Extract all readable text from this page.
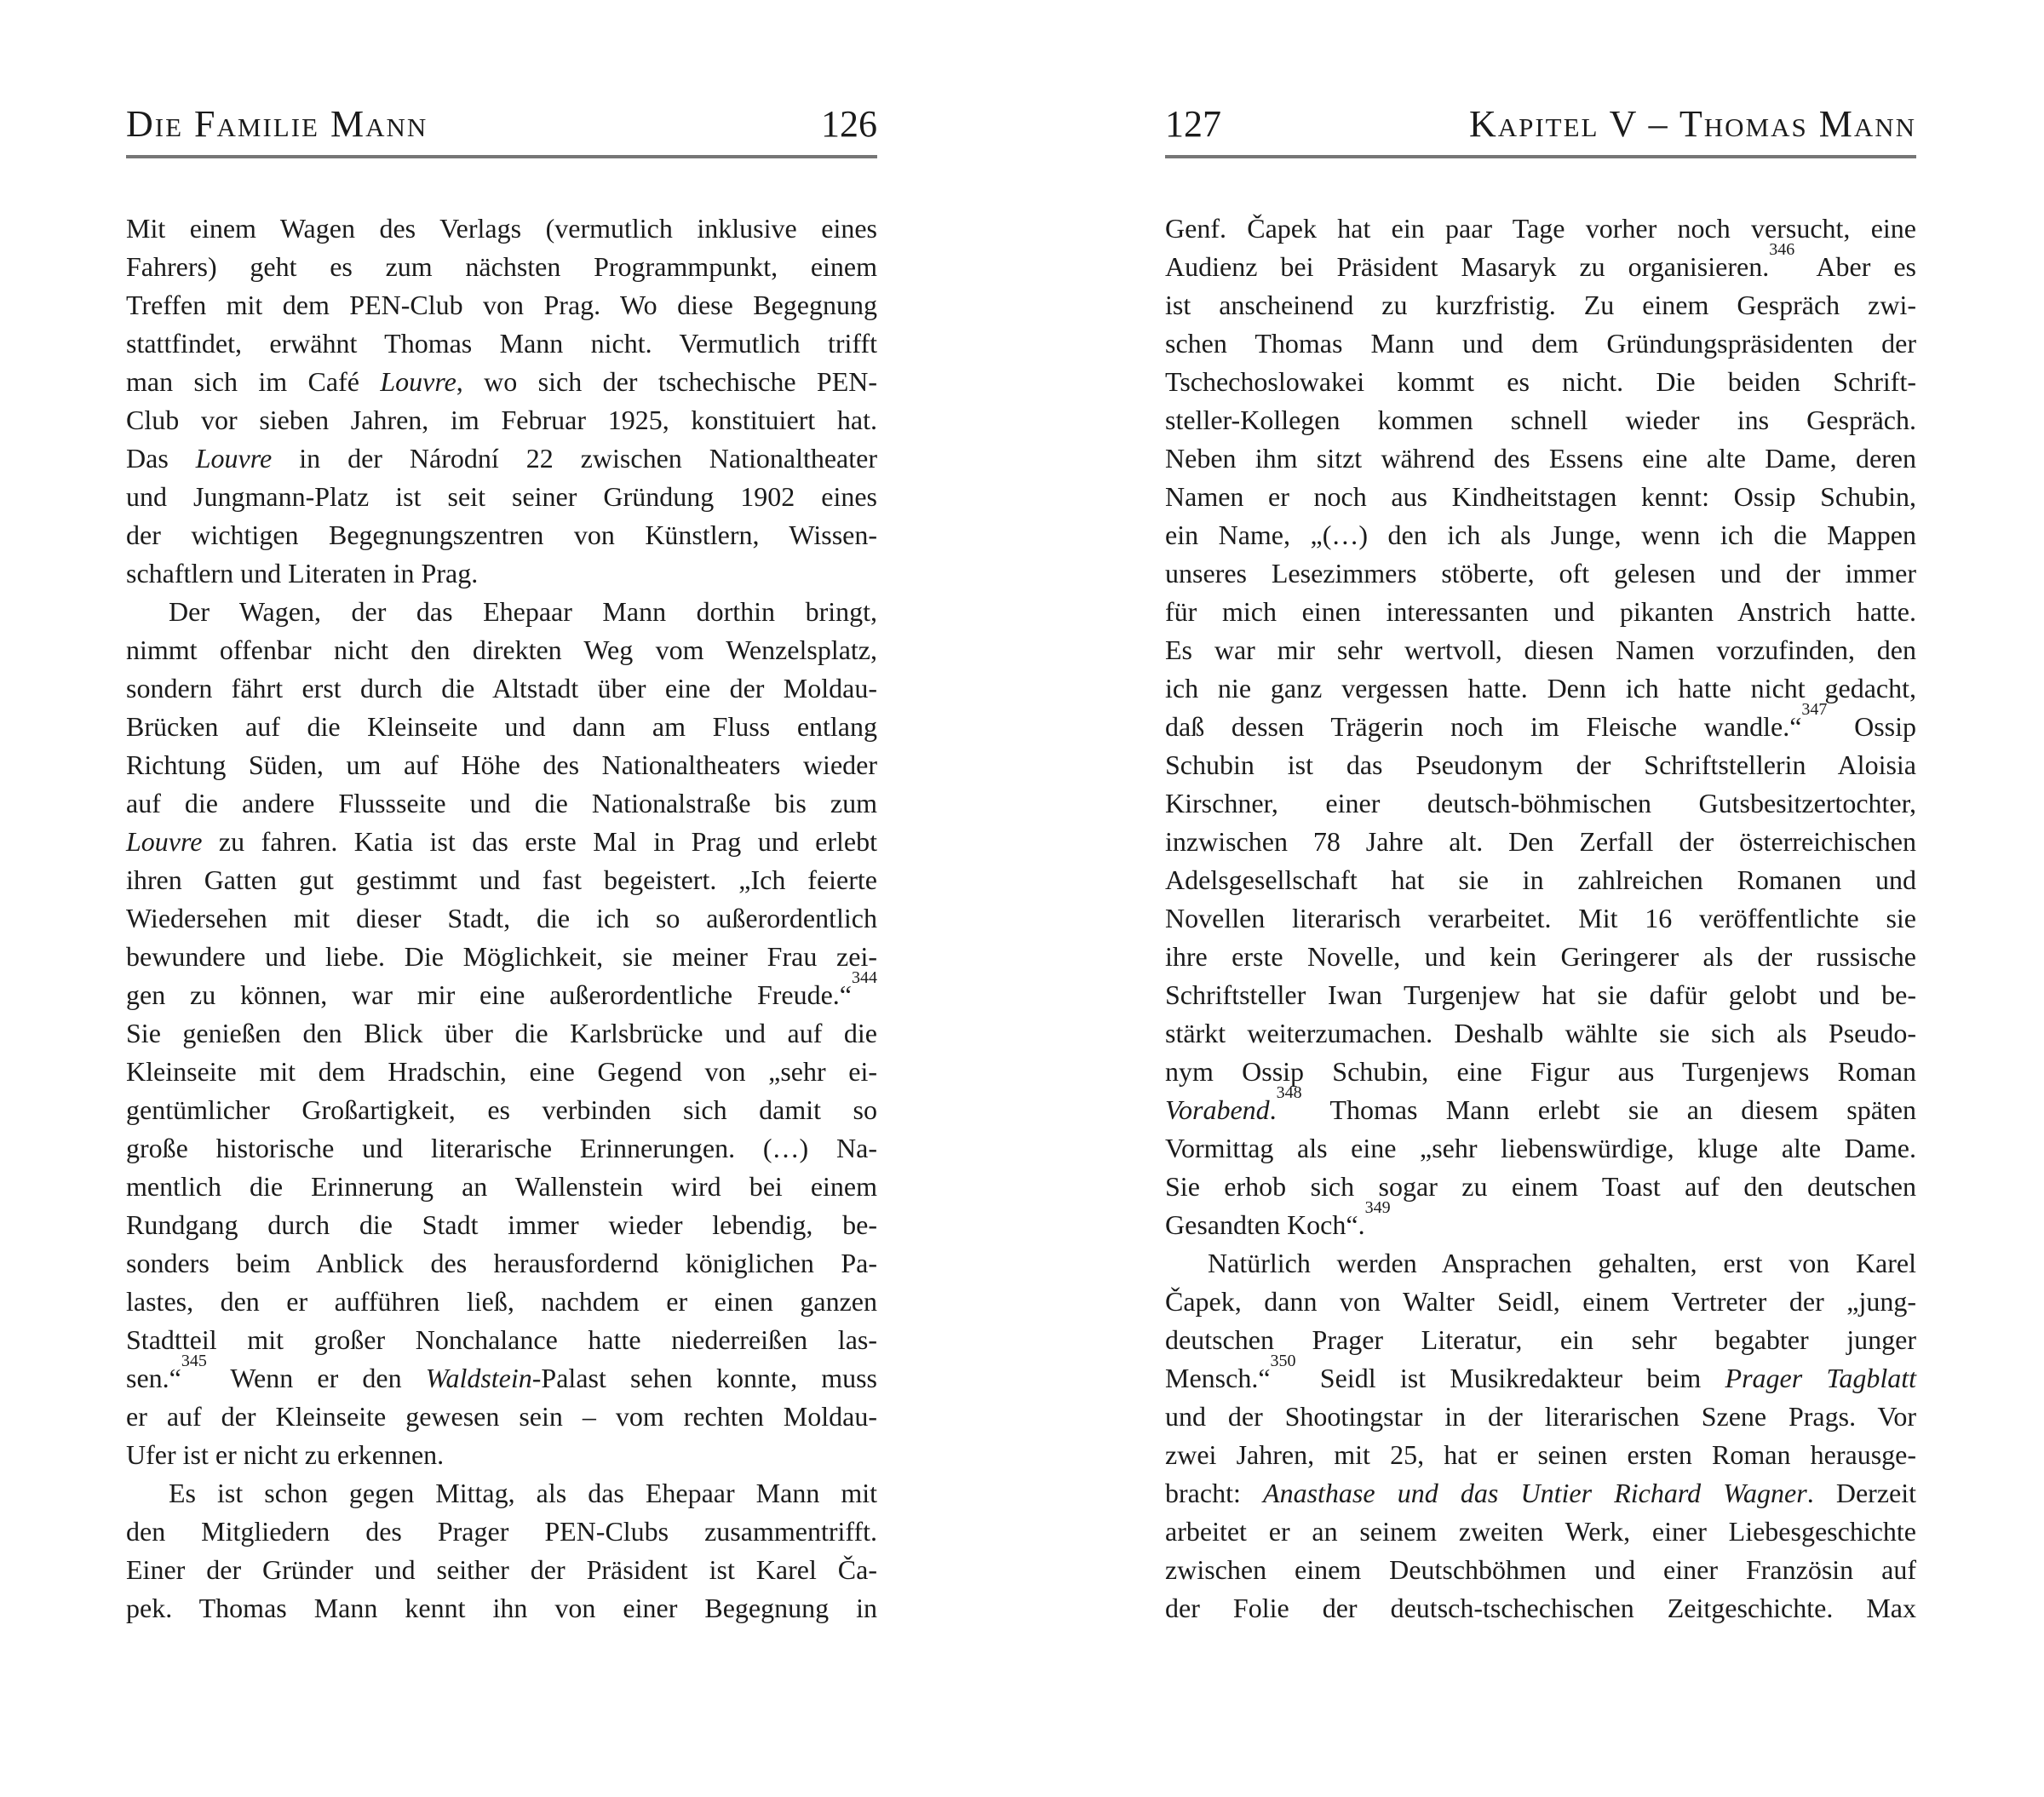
Die Familie Mann	126
Mit einem Wagen des Verlags (vermutlich inklusive eines
Fahrers) geht es zum nächsten Programmpunkt, einem
Treffen mit dem PEN-Club von Prag. Wo diese Begegnung
stattfindet, erwähnt Thomas Mann nicht. Vermutlich trifft
man sich im Café Louvre, wo sich der tschechische PEN-
Club vor sieben Jahren, im Februar 1925, konstituiert hat.
Das Louvre in der Národní 22 zwischen Nationaltheater
und Jungmann-Platz ist seit seiner Gründung 1902 eines
der wichtigen Begegnungszentren von Künstlern, Wissen-
schaftlern und Literaten in Prag.
Der Wagen, der das Ehepaar Mann dorthin bringt,
nimmt offenbar nicht den direkten Weg vom Wenzelsplatz,
sondern fährt erst durch die Altstadt über eine der Moldau-
Brücken auf die Kleinseite und dann am Fluss entlang
Richtung Süden, um auf Höhe des Nationaltheaters wieder
auf die andere Flussseite und die Nationalstraße bis zum
Louvre zu fahren. Katia ist das erste Mal in Prag und erlebt
ihren Gatten gut gestimmt und fast begeistert. „Ich feierte
Wiedersehen mit dieser Stadt, die ich so außerordentlich
bewundere und liebe. Die Möglichkeit, sie meiner Frau zei-
gen zu können, war mir eine außerordentliche Freude.“$^{344}$
Sie genießen den Blick über die Karlsbrücke und auf die
Kleinseite mit dem Hradschin, eine Gegend von „sehr ei-
gentümlicher Großartigkeit, es verbinden sich damit so
große historische und literarische Erinnerungen. (…) Na-
mentlich die Erinnerung an Wallenstein wird bei einem
Rundgang durch die Stadt immer wieder lebendig, be-
sonders beim Anblick des herausfordernd königlichen Pa-
lastes, den er aufführen ließ, nachdem er einen ganzen
Stadtteil mit großer Nonchalance hatte niederreißen las-
sen.“$^{345}$ Wenn er den Waldstein-Palast sehen konnte, muss
er auf der Kleinseite gewesen sein – vom rechten Moldau-
Ufer ist er nicht zu erkennen.
Es ist schon gegen Mittag, als das Ehepaar Mann mit
den Mitgliedern des Prager PEN-Clubs zusammentrifft.
Einer der Gründer und seither der Präsident ist Karel Ča-
pek. Thomas Mann kennt ihn von einer Begegnung in
127	Kapitel V – Thomas Mann
Genf. Čapek hat ein paar Tage vorher noch versucht, eine
Audienz bei Präsident Masaryk zu organisieren.$^{346}$ Aber es
ist anscheinend zu kurzfristig. Zu einem Gespräch zwi-
schen Thomas Mann und dem Gründungspräsidenten der
Tschechoslowakei kommt es nicht. Die beiden Schrift-
steller-Kollegen kommen schnell wieder ins Gespräch.
Neben ihm sitzt während des Essens eine alte Dame, deren
Namen er noch aus Kindheitstagen kennt: Ossip Schubin,
ein Name, „(…) den ich als Junge, wenn ich die Mappen
unseres Lesezimmers stöberte, oft gelesen und der immer
für mich einen interessanten und pikanten Anstrich hatte.
Es war mir sehr wertvoll, diesen Namen vorzufinden, den
ich nie ganz vergessen hatte. Denn ich hatte nicht gedacht,
daß dessen Trägerin noch im Fleische wandle.“$^{347}$ Ossip
Schubin ist das Pseudonym der Schriftstellerin Aloisia
Kirschner, einer deutsch-böhmischen Gutsbesitzertochter,
inzwischen 78 Jahre alt. Den Zerfall der österreichischen
Adelsgesellschaft hat sie in zahlreichen Romanen und
Novellen literarisch verarbeitet. Mit 16 veröffentlichte sie
ihre erste Novelle, und kein Geringerer als der russische
Schriftsteller Iwan Turgenjew hat sie dafür gelobt und be-
stärkt weiterzumachen. Deshalb wählte sie sich als Pseudo-
nym Ossip Schubin, eine Figur aus Turgenjews Roman
Vorabend.$^{348}$ Thomas Mann erlebt sie an diesem späten
Vormittag als eine „sehr liebenswürdige, kluge alte Dame.
Sie erhob sich sogar zu einem Toast auf den deutschen
Gesandten Koch“.$^{349}$
Natürlich werden Ansprachen gehalten, erst von Karel
Čapek, dann von Walter Seidl, einem Vertreter der „jung-
deutschen Prager Literatur, ein sehr begabter junger
Mensch.“$^{350}$ Seidl ist Musikredakteur beim Prager Tagblatt
und der Shootingstar in der literarischen Szene Prags. Vor
zwei Jahren, mit 25, hat er seinen ersten Roman herausge-
bracht: Anasthase und das Untier Richard Wagner. Derzeit
arbeitet er an seinem zweiten Werk, einer Liebesgeschichte
zwischen einem Deutschböhmen und einer Französin auf
der Folie der deutsch-tschechischen Zeitgeschichte. Max
